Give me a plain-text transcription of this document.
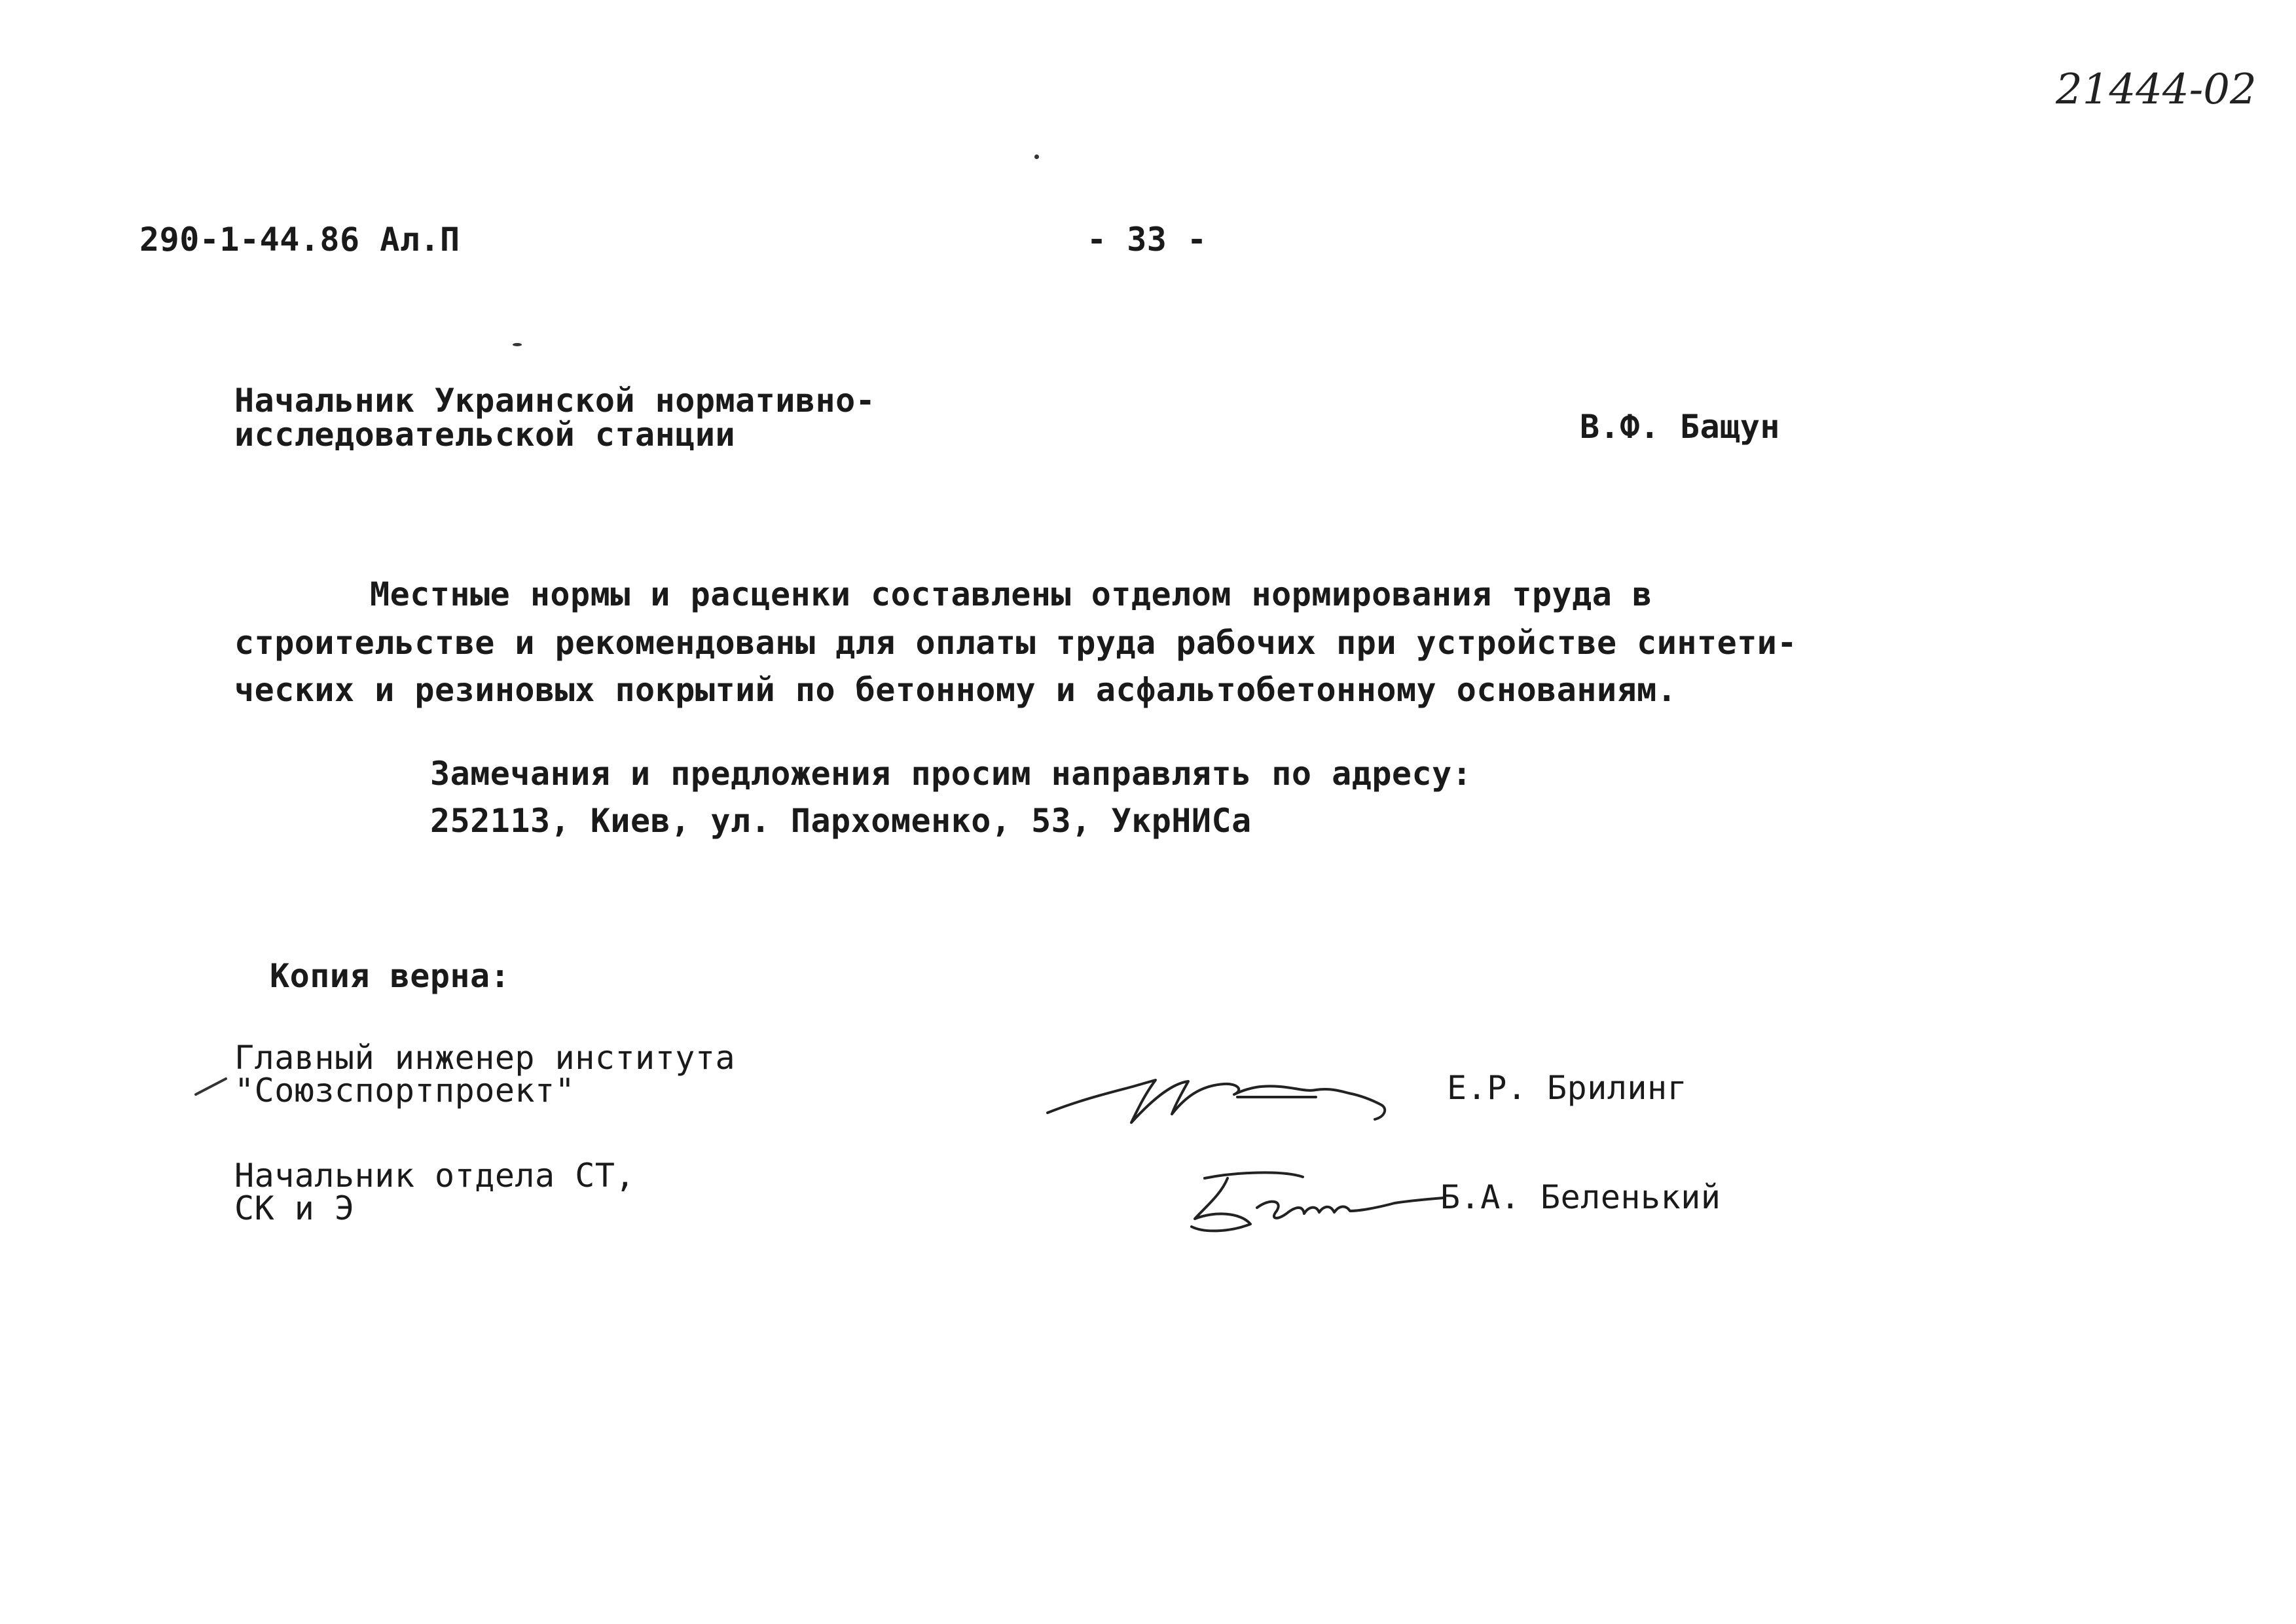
21444-02
290-1-44.86 Ал.П	- 33 -
Начальник Украинской нормативно-
исследовательской станции	В.Ф. Бащун
Местные нормы и расценки составлены отделом нормирования труда в
строительстве и рекомендованы для оплаты труда рабочих при устройстве синтети-
ческих и резиновых покрытий по бетонному и асфальтобетонному основаниям.
Замечания и предложения просим направлять по адресу:
252113, Киев, ул. Пархоменко, 53, УкрНИСа
Копия верна:
Главный инженер института
"Союзспортпроект"	Е.Р. Брилинг
Начальник отдела СТ,
СК и Э	Б.А. Беленький
